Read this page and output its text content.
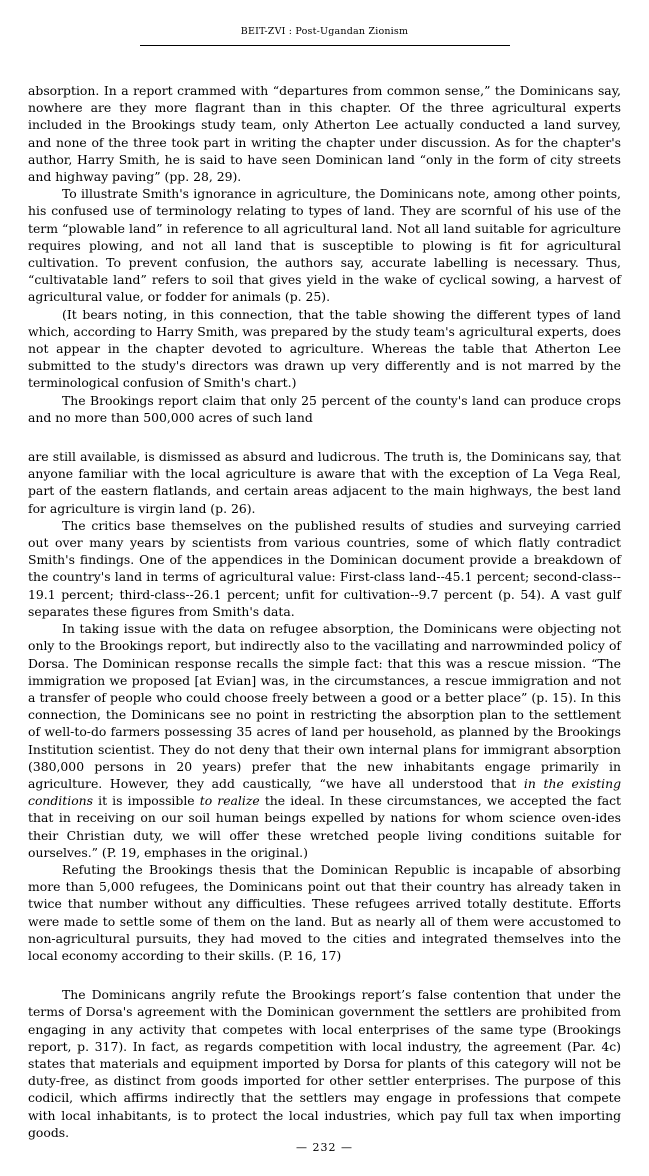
BEIT-ZVI : Post-Ugandan Zionism

absorption. In a report crammed with “departures from common sense,” the Dominicans say, nowhere are they more flagrant than in this chapter. Of the three agricultural experts included in the Brookings study team, only Atherton Lee actually conducted a land survey, and none of the three took part in writing the chapter under discussion. As for the chapter's author, Harry Smith, he is said to have seen Dominican land “only in the form of city streets and highway paving” (pp. 28, 29).

To illustrate Smith's ignorance in agriculture, the Dominicans note, among other points, his confused use of terminology relating to types of land. They are scornful of his use of the term “plowable land” in reference to all agricultural land. Not all land suitable for agriculture requires plowing, and not all land that is susceptible to plowing is fit for agricultural cultivation. To prevent confusion, the authors say, accurate labelling is necessary. Thus, “cultivatable land” refers to soil that gives yield in the wake of cyclical sowing, a harvest of agricultural value, or fodder for animals (p. 25).

(It bears noting, in this connection, that the table showing the different types of land which, according to Harry Smith, was prepared by the study team's agricultural experts, does not appear in the chapter devoted to agriculture. Whereas the table that Atherton Lee submitted to the study's directors was drawn up very differently and is not marred by the terminological confusion of Smith's chart.)

The Brookings report claim that only 25 percent of the county's land can produce crops and no more than 500,000 acres of such land

are still available, is dismissed as absurd and ludicrous. The truth is, the Dominicans say, that anyone familiar with the local agriculture is aware that with the exception of La Vega Real, part of the eastern flatlands, and certain areas adjacent to the main highways, the best land for agriculture is virgin land (p. 26).

The critics base themselves on the published results of studies and surveying carried out over many years by scientists from various countries, some of which flatly contradict Smith's findings. One of the appendices in the Dominican document provide a breakdown of the country's land in terms of agricultural value: First-class land--45.1 percent; second-class-- 19.1 percent; third-class--26.1 percent; unfit for cultivation--9.7 percent (p. 54). A vast gulf separates these figures from Smith's data.

In taking issue with the data on refugee absorption, the Dominicans were objecting not only to the Brookings report, but indirectly also to the vacillating and narrowminded policy of Dorsa. The Dominican response recalls the simple fact: that this was a rescue mission. “The immigration we proposed [at Evian] was, in the circumstances, a rescue immigration and not a transfer of people who could choose freely between a good or a better place” (p. 15). In this connection, the Dominicans see no point in restricting the absorption plan to the settlement of well-to-do farmers possessing 35 acres of land per household, as planned by the Brookings Institution scientist. They do not deny that their own internal plans for immigrant absorption (380,000 persons in 20 years) prefer that the new inhabitants engage primarily in agriculture. However, they add caustically, “we have all understood that in the existing conditions it is impossible to realize the ideal. In these circumstances, we accepted the fact that in receiving on our soil human beings expelled by nations for whom science oven-ides their Christian duty, we will offer these wretched people living conditions suitable for ourselves.” (P. 19, emphases in the original.)

Refuting the Brookings thesis that the Dominican Republic is incapable of absorbing more than 5,000 refugees, the Dominicans point out that their country has already taken in twice that number without any difficulties. These refugees arrived totally destitute. Efforts were made to settle some of them on the land. But as nearly all of them were accustomed to non-agricultural pursuits, they had moved to the cities and integrated themselves into the local economy according to their skills. (P. 16, 17)

The Dominicans angrily refute the Brookings report’s false contention that under the terms of Dorsa's agreement with the Dominican government the settlers are prohibited from engaging in any activity that competes with local enterprises of the same type (Brookings report, p. 317). In fact, as regards competition with local industry, the agreement (Par. 4c) states that materials and equipment imported by Dorsa for plants of this category will not be duty-free, as distinct from goods imported for other settler enterprises. The purpose of this codicil, which affirms indirectly that the settlers may engage in professions that compete with local inhabitants, is to protect the local industries, which pay full tax when importing goods.

— 232 —
